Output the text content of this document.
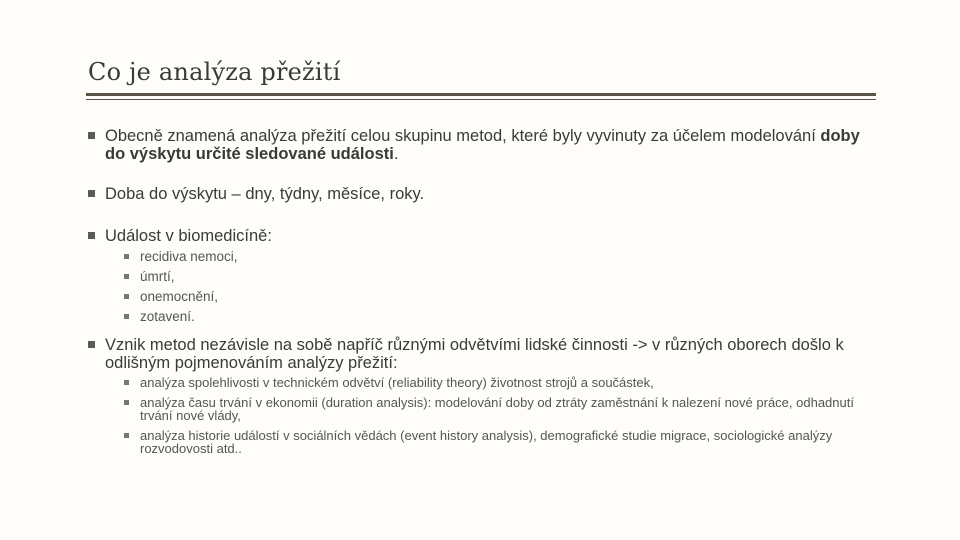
Co je analýza přežití
Obecně znamená analýza přežití celou skupinu metod, které byly vyvinuty za účelem modelování doby do výskytu určité sledované události.
Doba do výskytu – dny, týdny, měsíce, roky.
Událost v biomedicíně:
recidiva nemoci,
úmrtí,
onemocnění,
zotavení.
Vznik metod nezávisle na sobě napříč různými odvětvími lidské činnosti -> v různých oborech došlo k odlišným pojmenováním analýzy přežití:
analýza spolehlivosti v technickém odvětví (reliability theory) životnost strojů a součástek,
analýza času trvání v ekonomii (duration analysis): modelování doby od ztráty zaměstnání k nalezení nové práce, odhadnutí trvání nové vlády,
analýza historie událostí v sociálních vědách (event history analysis), demografické studie migrace, sociologické analýzy rozvodovosti atd..
